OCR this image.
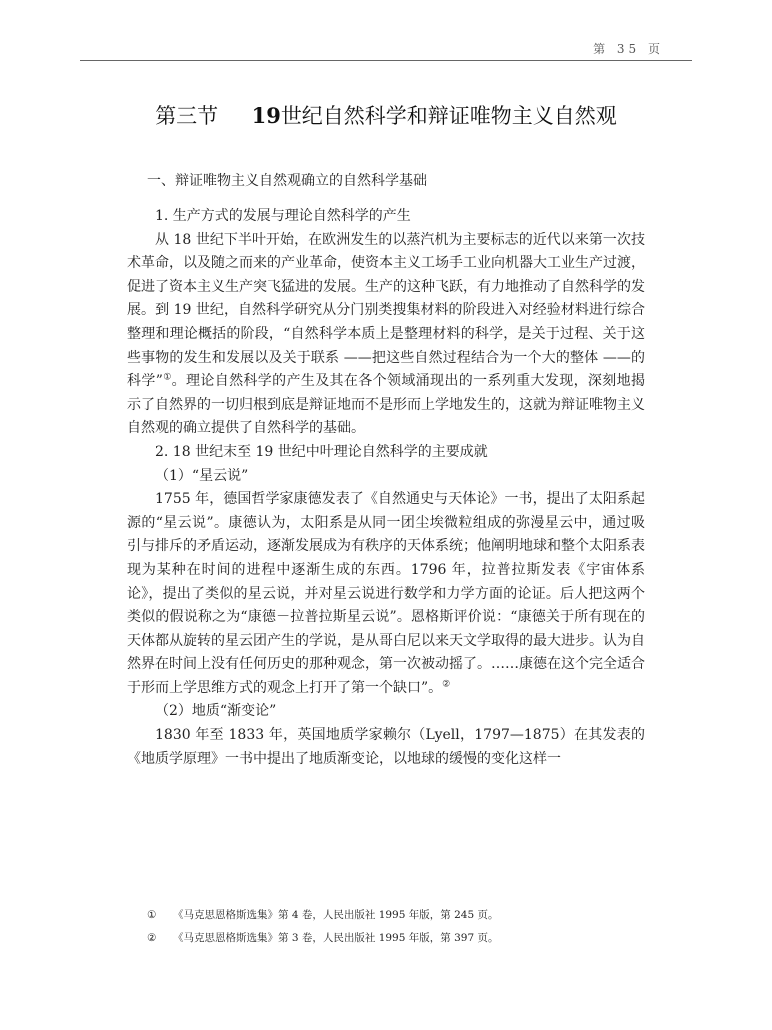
第 35 页
第三节 19世纪自然科学和辩证唯物主义自然观
一、辩证唯物主义自然观确立的自然科学基础

1. 生产方式的发展与理论自然科学的产生

从 18 世纪下半叶开始，在欧洲发生的以蒸汽机为主要标志的近代以来第一次技术革命，以及随之而来的产业革命，使资本主义工场手工业向机器大工业生产过渡，促进了资本主义生产突飞猛进的发展。生产的这种飞跃，有力地推动了自然科学的发展。到 19 世纪，自然科学研究从分门别类搜集材料的阶段进入对经验材料进行综合整理和理论概括的阶段，“自然科学本质上是整理材料的科学，是关于过程、关于这些事物的发生和发展以及关于联系 ——把这些自然过程结合为一个大的整体 ——的科学”①。理论自然科学的产生及其在各个领域涌现出的一系列重大发现，深刻地揭示了自然界的一切归根到底是辩证地而不是形而上学地发生的，这就为辩证唯物主义自然观的确立提供了自然科学的基础。

2. 18 世纪末至 19 世纪中叶理论自然科学的主要成就

（1）“星云说”

1755 年，德国哲学家康德发表了《自然通史与天体论》一书，提出了太阳系起源的“星云说”。康德认为，太阳系是从同一团尘埃微粒组成的弥漫星云中，通过吸引与排斥的矛盾运动，逐渐发展成为有秩序的天体系统；他阐明地球和整个太阳系表现为某种在时间的进程中逐渐生成的东西。1796 年，拉普拉斯发表《宇宙体系论》，提出了类似的星云说，并对星云说进行数学和力学方面的论证。后人把这两个类似的假说称之为“康德－拉普拉斯星云说”。恩格斯评价说：“康德关于所有现在的天体都从旋转的星云团产生的学说，是从哥白尼以来天文学取得的最大进步。认为自然界在时间上没有任何历史的那种观念，第一次被动摇了。……康德在这个完全适合于形而上学思维方式的观念上打开了第一个缺口”。②

（2）地质“渐变论”

1830 年至 1833 年，英国地质学家赖尔（Lyell，1797—1875）在其发表的《地质学原理》一书中提出了地质渐变论，以地球的缓慢的变化这样一

① 《马克思恩格斯选集》第 4 卷，人民出版社 1995 年版，第 245 页。
② 《马克思恩格斯选集》第 3 卷，人民出版社 1995 年版，第 397 页。
